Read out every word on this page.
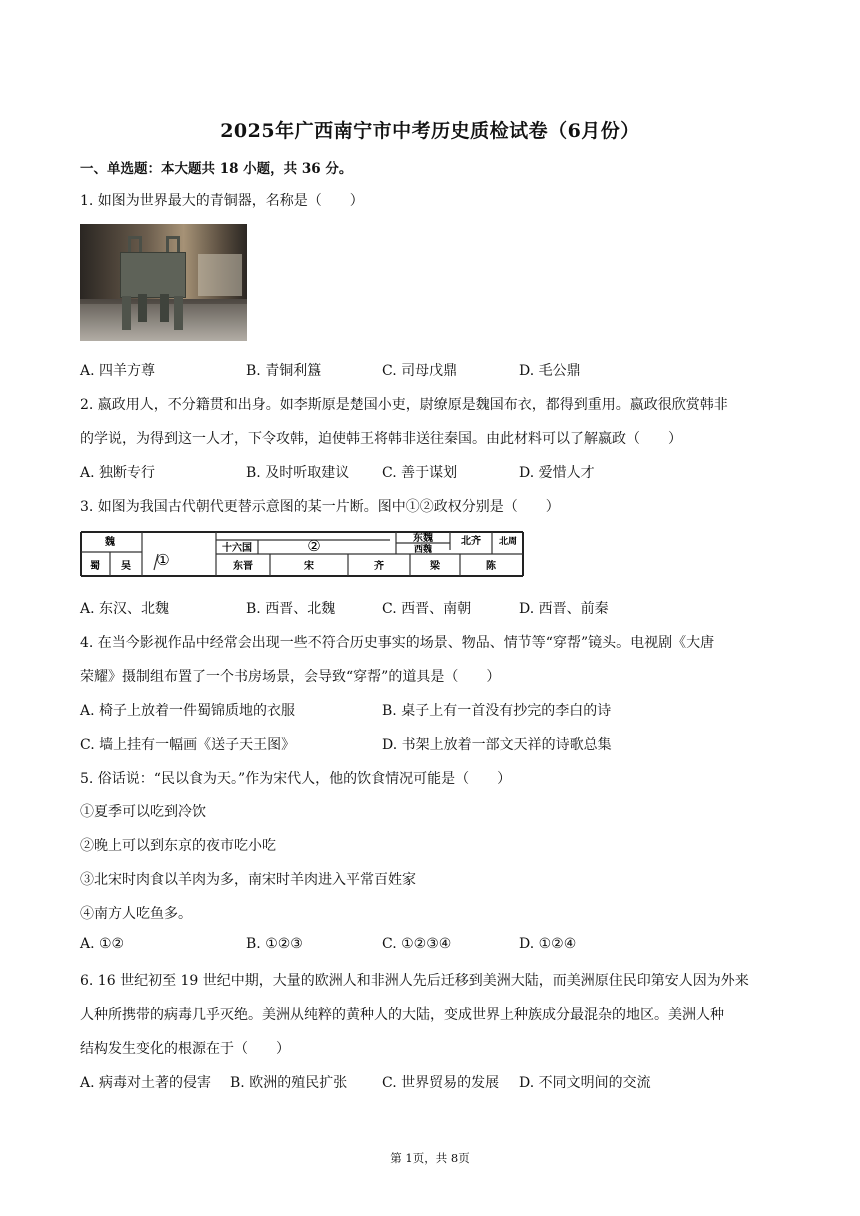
2025年广西南宁市中考历史质检试卷（6月份）
一、单选题：本大题共 18 小题，共 36 分。
1. 如图为世界最大的青铜器，名称是（　　）
A. 四羊方尊	B. 青铜利簋	C. 司母戊鼎	D. 毛公鼎
2. 嬴政用人，不分籍贯和出身。如李斯原是楚国小吏，尉缭原是魏国布衣，都得到重用。嬴政很欣赏韩非
的学说，为得到这一人才，下令攻韩，迫使韩王将韩非送往秦国。由此材料可以了解嬴政（　　）
A. 独断专行	B. 及时听取建议 C. 善于谋划	D. 爱惜人才
3. 如图为我国古代朝代更替示意图的某一片断。图中①②政权分别是（　　）
魏
蜀 吴 ①
十六国	②	东魏
西魏
北齐 北周
东晋	宋	齐	梁	陈
A. 东汉、北魏	B. 西晋、北魏	C. 西晋、南朝	D. 西晋、前秦
4. 在当今影视作品中经常会出现一些不符合历史事实的场景、物品、情节等“穿帮”镜头。电视剧《大唐
荣耀》摄制组布置了一个书房场景，会导致“穿帮”的道具是（　　）
A. 椅子上放着一件蜀锦质地的衣服	B. 桌子上有一首没有抄完的李白的诗
C. 墙上挂有一幅画《送子天王图》	D. 书架上放着一部文天祥的诗歌总集
5. 俗话说：“民以食为天。”作为宋代人，他的饮食情况可能是（　　）
①夏季可以吃到冷饮
②晚上可以到东京的夜市吃小吃
③北宋时肉食以羊肉为多，南宋时羊肉进入平常百姓家
④南方人吃鱼多。
A. ①②	B. ①②③	C. ①②③④	D. ①②④
6. 16 世纪初至 19 世纪中期，大量的欧洲人和非洲人先后迁移到美洲大陆，而美洲原住民印第安人因为外来
人种所携带的病毒几乎灭绝。美洲从纯粹的黄种人的大陆，变成世界上种族成分最混杂的地区。美洲人种
结构发生变化的根源在于（　　）
A. 病毒对土著的侵害 B. 欧洲的殖民扩张 C. 世界贸易的发展 D. 不同文明间的交流
第 1页，共 8页
